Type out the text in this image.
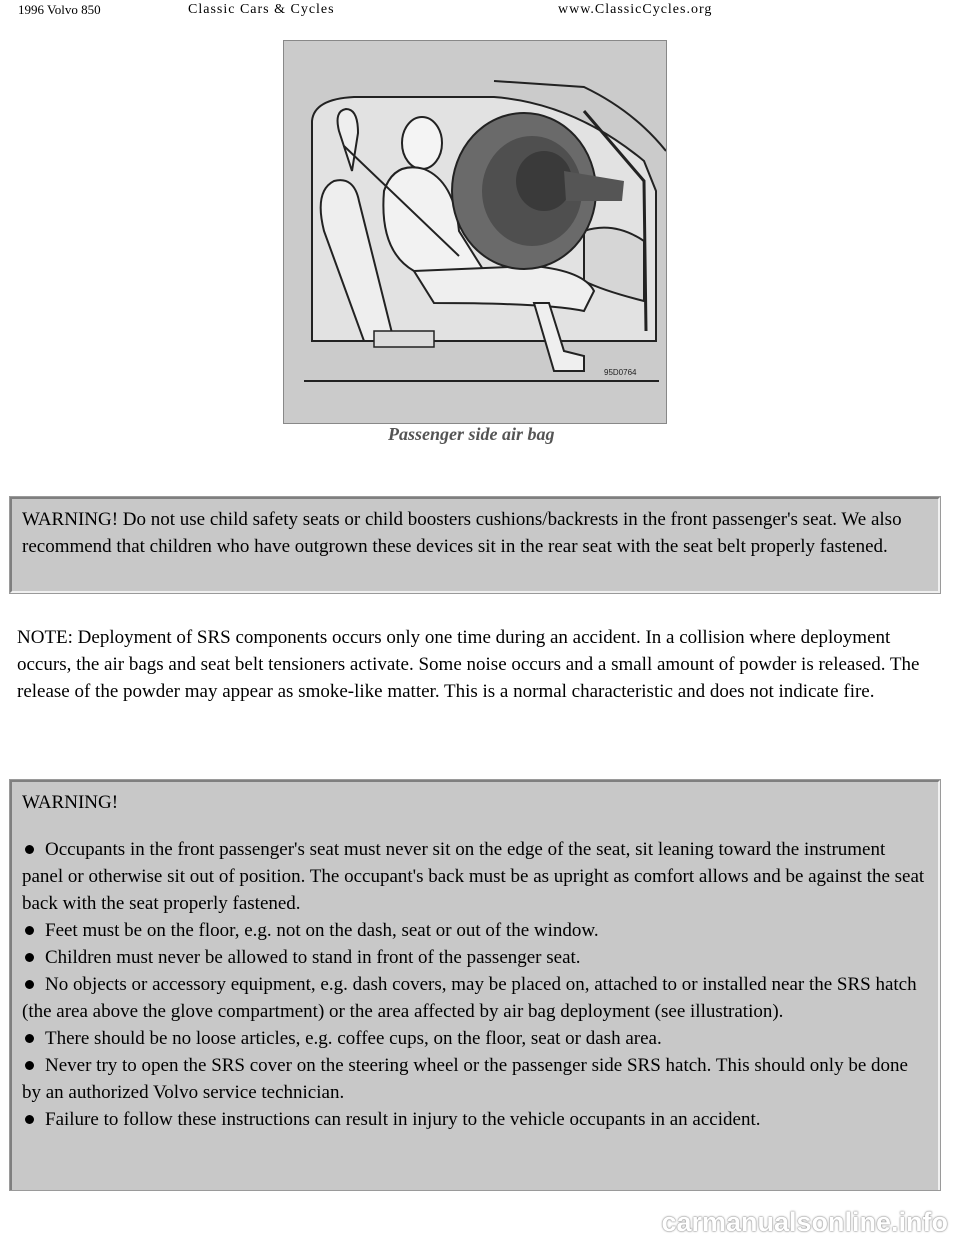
1996 Volvo 850	Classic Cars & Cycles	www.ClassicCycles.org
95D0764
Passenger side air bag
WARNING! Do not use child safety seats or child boosters cushions/backrests in the front passenger's seat. We also recommend that children who have outgrown these devices sit in the rear seat with the seat belt properly fastened.
NOTE: Deployment of SRS components occurs only one time during an accident. In a collision where deployment occurs, the air bags and seat belt tensioners activate. Some noise occurs and a small amount of powder is released. The release of the powder may appear as smoke-like matter. This is a normal characteristic and does not indicate fire.
WARNING!
Occupants in the front passenger's seat must never sit on the edge of the seat, sit leaning toward the instrument panel or otherwise sit out of position. The occupant's back must be as upright as comfort allows and be against the seat back with the seat properly fastened.
Feet must be on the floor, e.g. not on the dash, seat or out of the window.
Children must never be allowed to stand in front of the passenger seat.
No objects or accessory equipment, e.g. dash covers, may be placed on, attached to or installed near the SRS hatch (the area above the glove compartment) or the area affected by air bag deployment (see illustration).
There should be no loose articles, e.g. coffee cups, on the floor, seat or dash area.
Never try to open the SRS cover on the steering wheel or the passenger side SRS hatch. This should only be done by an authorized Volvo service technician.
Failure to follow these instructions can result in injury to the vehicle occupants in an accident.
carmanualsonline.info
